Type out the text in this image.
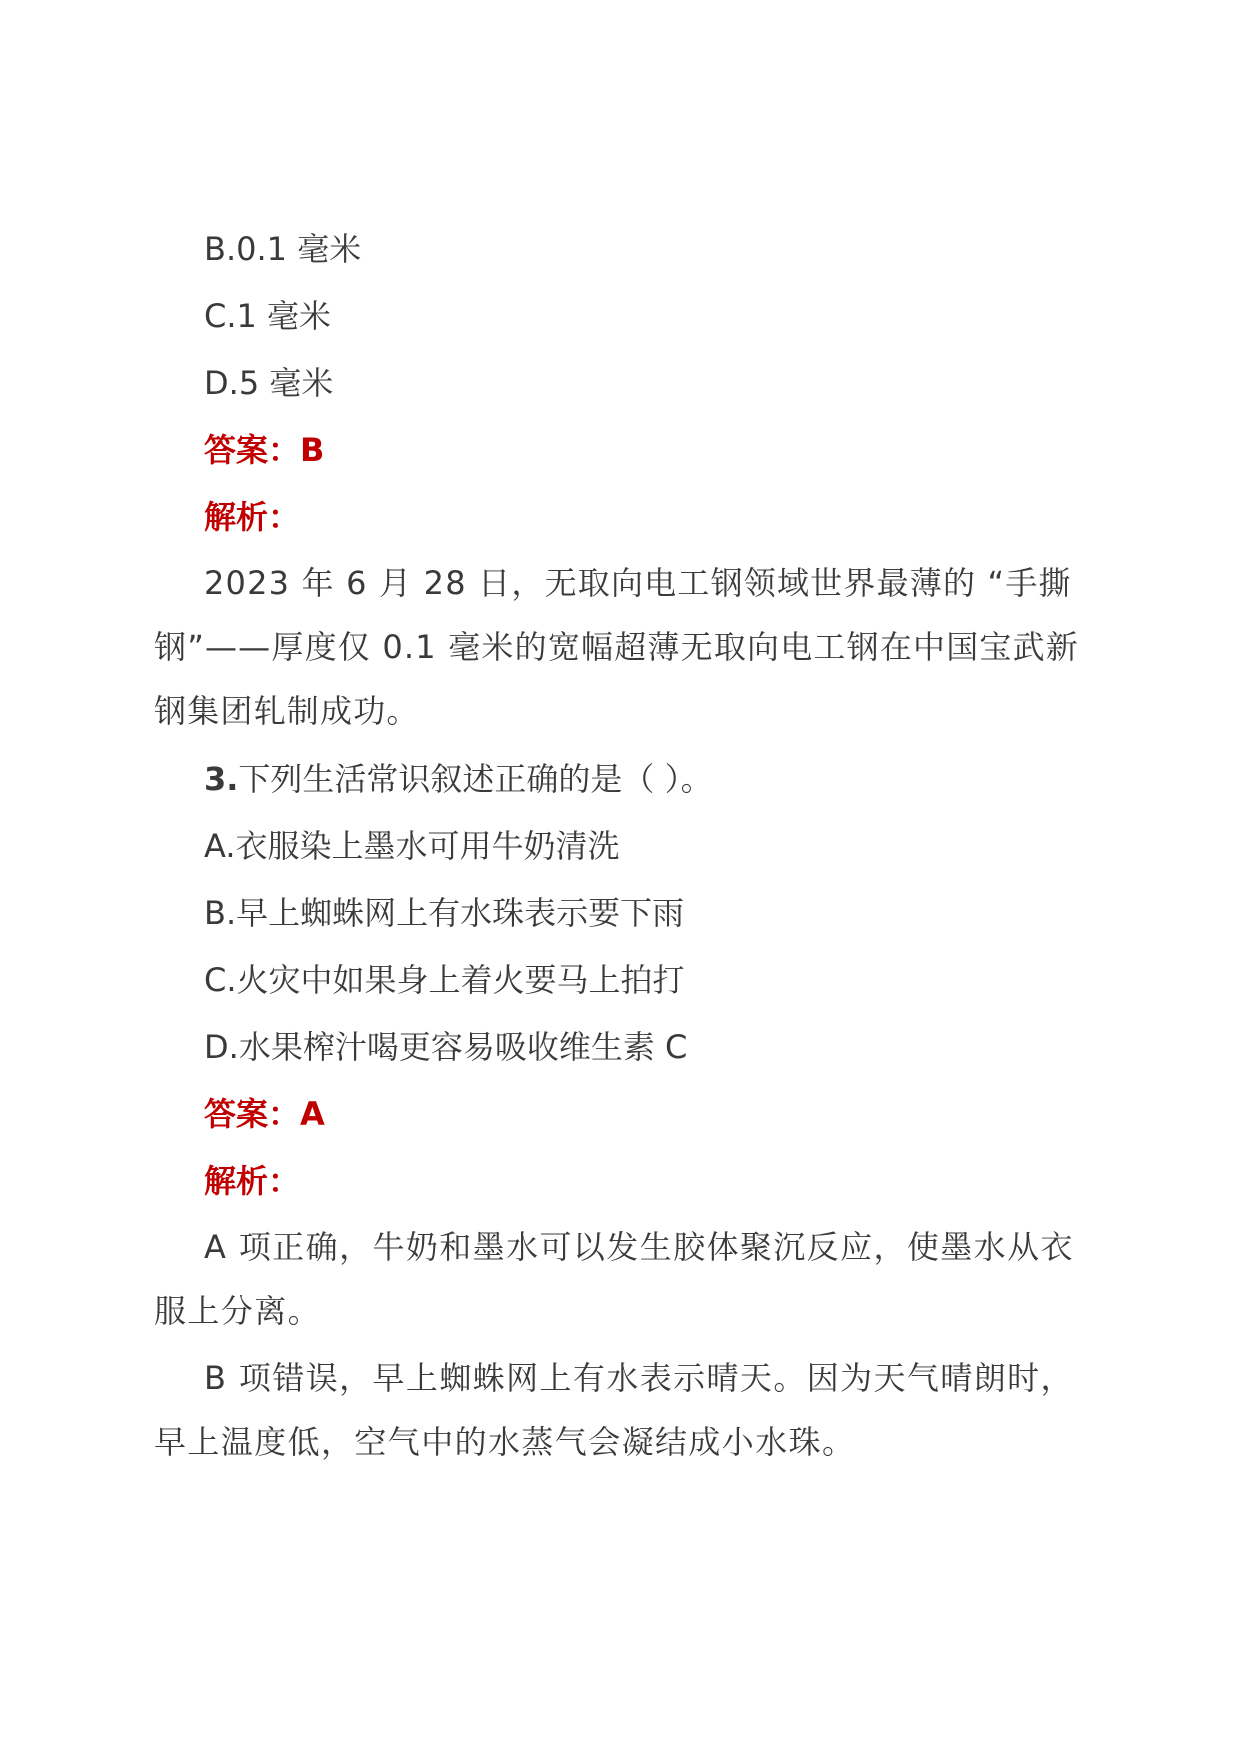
B.0.1 毫米
C.1 毫米
D.5 毫米
答案：B
解析：

2023 年 6 月 28 日，无取向电工钢领域世界最薄的 “手撕钢”——厚度仅 0.1 毫米的宽幅超薄无取向电工钢在中国宝武新钢集团轧制成功。

3.下列生活常识叙述正确的是（ ）。
A.衣服染上墨水可用牛奶清洗
B.早上蜘蛛网上有水珠表示要下雨
C.火灾中如果身上着火要马上拍打
D.水果榨汁喝更容易吸收维生素 C
答案：A
解析：

A 项正确，牛奶和墨水可以发生胶体聚沉反应，使墨水从衣服上分离。

B 项错误，早上蜘蛛网上有水表示晴天。因为天气晴朗时，早上温度低，空气中的水蒸气会凝结成小水珠。
